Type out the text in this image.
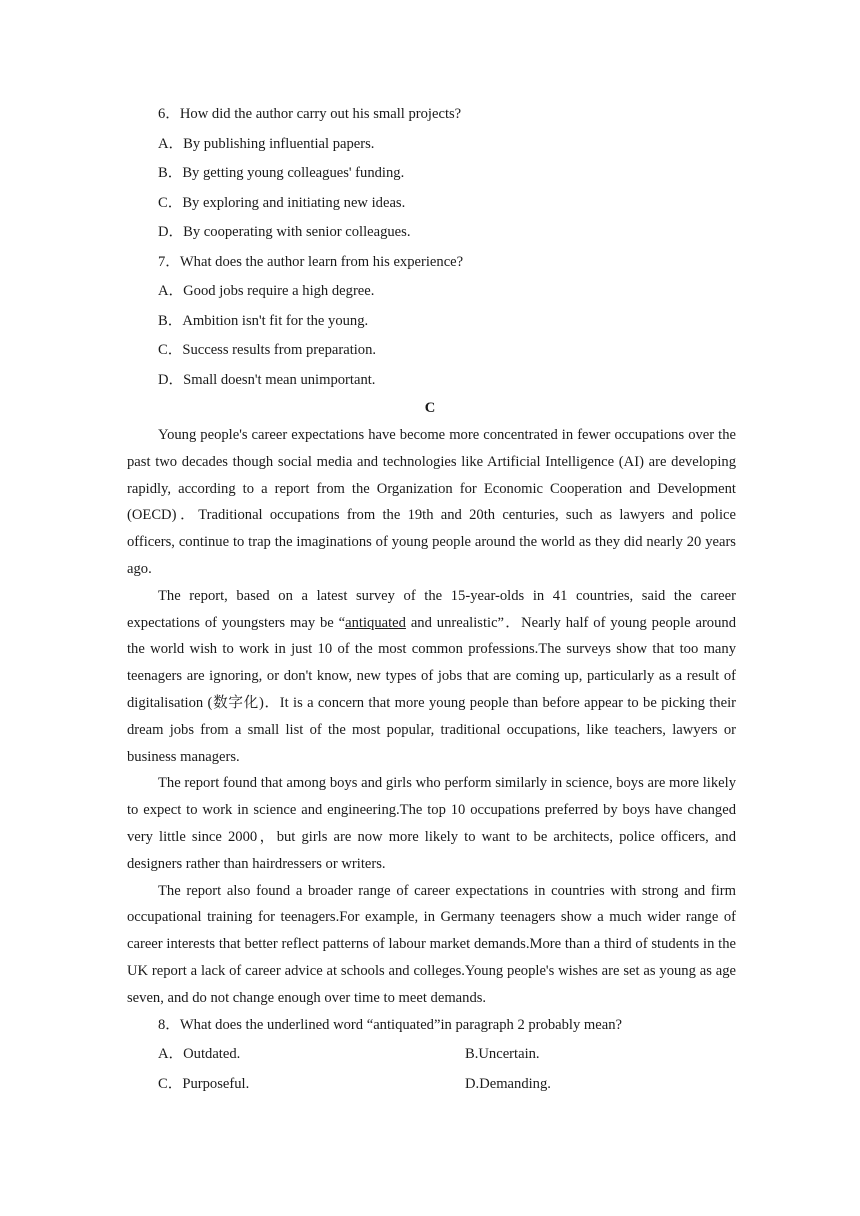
6．How did the author carry out his small projects?
A．By publishing influential papers.
B．By getting young colleagues' funding.
C．By exploring and initiating new ideas.
D．By cooperating with senior colleagues.
7．What does the author learn from his experience?
A．Good jobs require a high degree.
B．Ambition isn't fit for the young.
C．Success results from preparation.
D．Small doesn't mean unimportant.
C

Young people's career expectations have become more concentrated in fewer occupations over the past two decades though social media and technologies like Artificial Intelligence (AI) are developing rapidly, according to a report from the Organization for Economic Cooperation and Development (OECD)．Traditional occupations from the 19th and 20th centuries, such as lawyers and police officers, continue to trap the imaginations of young people around the world as they did nearly 20 years ago.

The report, based on a latest survey of the 15-year-olds in 41 countries, said the career expectations of youngsters may be “antiquated and unrealistic”．Nearly half of young people around the world wish to work in just 10 of the most common professions.The surveys show that too many teenagers are ignoring, or don't know, new types of jobs that are coming up, particularly as a result of digitalisation (数字化)．It is a concern that more young people than before appear to be picking their dream jobs from a small list of the most popular, traditional occupations, like teachers, lawyers or business managers.

The report found that among boys and girls who perform similarly in science, boys are more likely to expect to work in science and engineering.The top 10 occupations preferred by boys have changed very little since 2000，but girls are now more likely to want to be architects, police officers, and designers rather than hairdressers or writers.

The report also found a broader range of career expectations in countries with strong and firm occupational training for teenagers.For example, in Germany teenagers show a much wider range of career interests that better reflect patterns of labour market demands.More than a third of students in the UK report a lack of career advice at schools and colleges.Young people's wishes are set as young as age seven, and do not change enough over time to meet demands.

8．What does the underlined word “antiquated”in paragraph 2 probably mean?
A．Outdated.	B.Uncertain.
C．Purposeful.	D.Demanding.
